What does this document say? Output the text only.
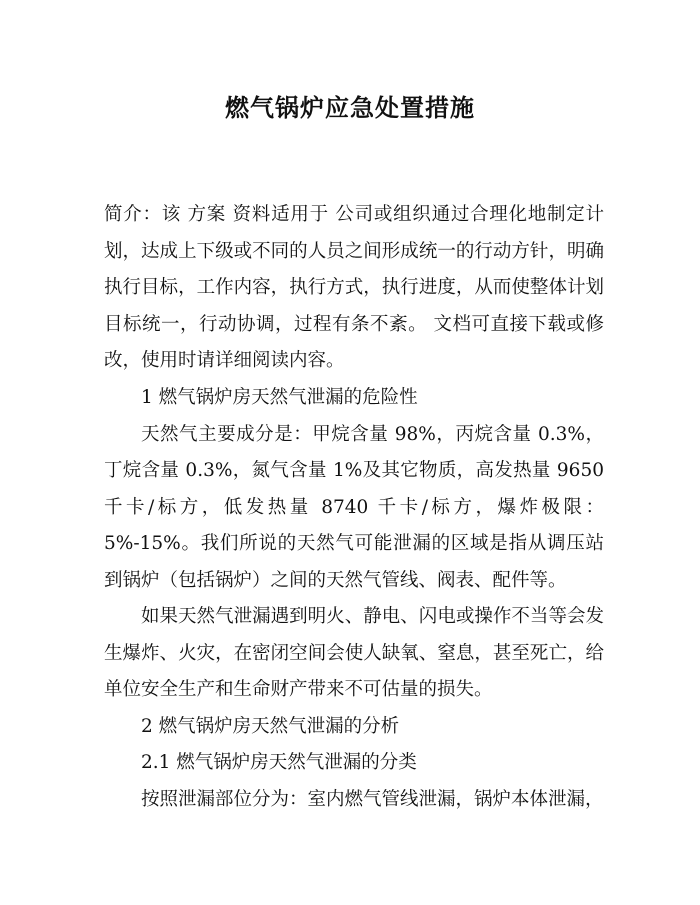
燃气锅炉应急处置措施
简介：该 方案 资料适用于 公司或组织通过合理化地制定计划，达成上下级或不同的人员之间形成统一的行动方针，明确执行目标，工作内容，执行方式，执行进度，从而使整体计划目标统一，行动协调，过程有条不紊。 文档可直接下载或修改，使用时请详细阅读内容。
1 燃气锅炉房天然气泄漏的危险性
天然气主要成分是：甲烷含量 98%，丙烷含量 0.3%，丁烷含量 0.3%，氮气含量 1%及其它物质，高发热量 9650 千卡/标方，低发热量 8740 千卡/标方，爆炸极限：5%-15%。我们所说的天然气可能泄漏的区域是指从调压站到锅炉（包括锅炉）之间的天然气管线、阀表、配件等。
如果天然气泄漏遇到明火、静电、闪电或操作不当等会发生爆炸、火灾，在密闭空间会使人缺氧、窒息，甚至死亡，给单位安全生产和生命财产带来不可估量的损失。
2 燃气锅炉房天然气泄漏的分析
2.1 燃气锅炉房天然气泄漏的分类
按照泄漏部位分为：室内燃气管线泄漏，锅炉本体泄漏，
